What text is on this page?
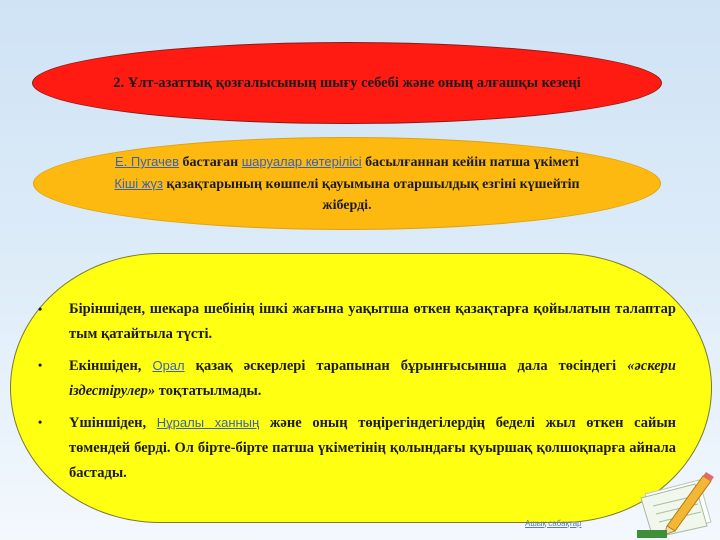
2. Ұлт-азаттық қозғалысының шығу себебі және оның алғашқы кезеңі
Е. Пугачев бастаған шаруалар көтерілісі басылғаннан кейін патша үкіметі Кіші жүз қазақтарының көшпелі қауымына отаршылдық езгіні күшейтіп жіберді.
• Біріншіден, шекара шебінің ішкі жағына уақытша өткен қазақтарға қойылатын талаптар тым қатайтыла түсті.
• Екіншіден, Орал қазақ әскерлері тарапынан бұрынғысынша дала төсіндегі «әскери іздестірулер» тоқтатылмады.
• Үшіншіден, Нұралы ханның және оның төңірегіндегілердің беделі жыл өткен сайын төмендей берді. Ол біртe-біртe патша үкіметінің қолындағы қуыршақ қолшоқпарға айнала бастады.
Ашық сабақтар
